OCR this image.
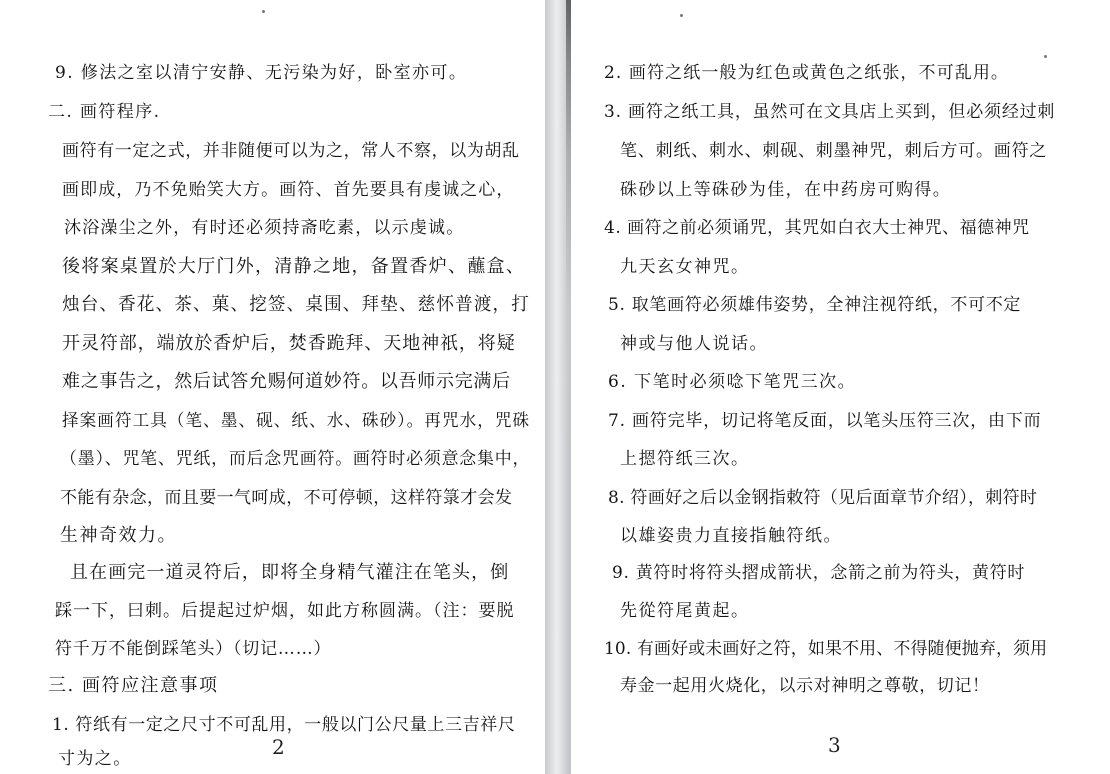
9. 修法之室以清宁安静、无污染为好，卧室亦可。
二. 画符程序.
画符有一定之式，并非随便可以为之，常人不察，以为胡乱
画即成，乃不免贻笑大方。画符、首先要具有虔诚之心，
沐浴澡尘之外，有时还必须持斋吃素，以示虔诚。
後将案桌置於大厅门外，清静之地，备置香炉、蘸盒、
烛台、香花、茶、菓、挖签、桌围、拜垫、慈怀普渡，打
开灵符部，端放於香炉后，焚香跪拜、天地神祇，将疑
难之事告之，然后试答允赐何道妙符。以吾师示完满后
择案画符工具（笔、墨、砚、纸、水、硃砂）。再咒水，咒硃
（墨）、咒笔、咒纸，而后念咒画符。画符时必须意念集中，
不能有杂念，而且要一气呵成，不可停顿，这样符箓才会发
生神奇效力。
且在画完一道灵符后，即将全身精气灌注在笔头，倒
踩一下，曰刺。后提起过炉烟，如此方称圆满。（注：要脱
符千万不能倒踩笔头）（切记……）
三. 画符应注意事项
1. 符纸有一定之尺寸不可乱用，一般以门公尺量上三吉祥尺
寸为之。
2. 画符之纸一般为红色或黄色之纸张，不可乱用。
3. 画符之纸工具，虽然可在文具店上买到，但必须经过刺
笔、刺纸、刺水、刺砚、刺墨神咒，刺后方可。画符之
硃砂以上等硃砂为佳，在中药房可购得。
4. 画符之前必须诵咒，其咒如白衣大士神咒、福德神咒
九天玄女神咒。
5. 取笔画符必须雄伟姿势，全神注视符纸，不可不定
神或与他人说话。
6. 下笔时必须唸下笔咒三次。
7. 画符完毕，切记将笔反面，以笔头压符三次，由下而
上摁符纸三次。
8. 符画好之后以金钢指敕符（见后面章节介绍），刺符时
以雄姿贵力直接指触符纸。
9. 黄符时将符头摺成箭状，念箭之前为符头，黄符时
先從符尾黄起。
10. 有画好或未画好之符，如果不用、不得随便抛弃，须用
寿金一起用火烧化，以示对神明之尊敬，切记！
2	3
